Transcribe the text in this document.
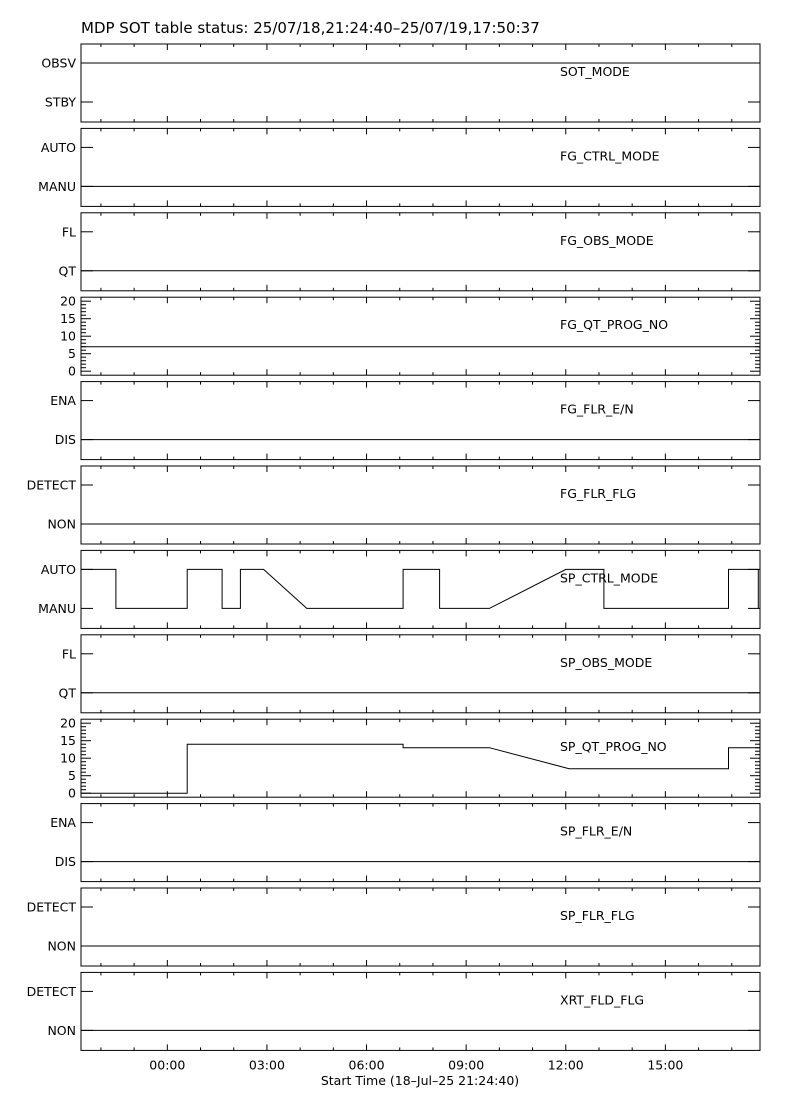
MDP SOT table status: 25/07/18,21:24:40–25/07/19,17:50:37
OBSV
STBY
SOT_MODE
AUTO
MANU
FG_CTRL_MODE
FL
QT
FG_OBS_MODE
0
5
10
15
20
FG_QT_PROG_NO
ENA
DIS
FG_FLR_E/N
DETECT
NON
FG_FLR_FLG
AUTO
MANU
SP_CTRL_MODE
FL
QT
SP_OBS_MODE
0
5
10
15
20
SP_QT_PROG_NO
ENA
DIS
SP_FLR_E/N
DETECT
NON
SP_FLR_FLG
DETECT
NON
XRT_FLD_FLG
00:00	03:00	06:00	09:00	12:00	15:00
Start Time (18–Jul–25 21:24:40)
